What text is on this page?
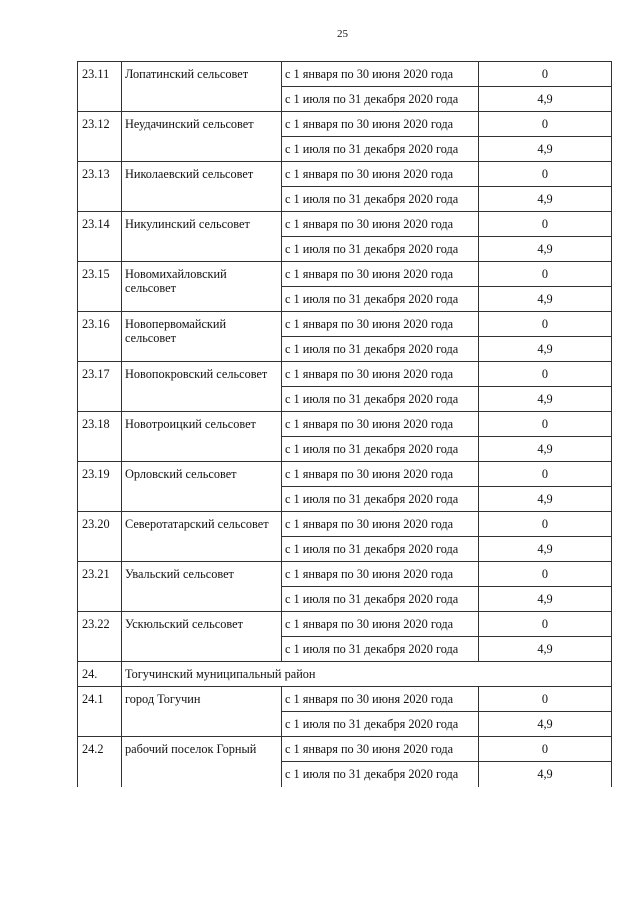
25
23.11	Лопатинский сельсовет	с 1 января по 30 июня 2020 года	0
		с 1 июля по 31 декабря 2020 года	4,9
23.12	Неудачинский сельсовет	с 1 января по 30 июня 2020 года	0
		с 1 июля по 31 декабря 2020 года	4,9
23.13	Николаевский сельсовет	с 1 января по 30 июня 2020 года	0
		с 1 июля по 31 декабря 2020 года	4,9
23.14	Никулинский сельсовет	с 1 января по 30 июня 2020 года	0
		с 1 июля по 31 декабря 2020 года	4,9
23.15	Новомихайловский сельсовет	с 1 января по 30 июня 2020 года	0
		с 1 июля по 31 декабря 2020 года	4,9
23.16	Новопервомайский сельсовет	с 1 января по 30 июня 2020 года	0
		с 1 июля по 31 декабря 2020 года	4,9
23.17	Новопокровский сельсовет	с 1 января по 30 июня 2020 года	0
		с 1 июля по 31 декабря 2020 года	4,9
23.18	Новотроицкий сельсовет	с 1 января по 30 июня 2020 года	0
		с 1 июля по 31 декабря 2020 года	4,9
23.19	Орловский сельсовет	с 1 января по 30 июня 2020 года	0
		с 1 июля по 31 декабря 2020 года	4,9
23.20	Северотатарский сельсовет	с 1 января по 30 июня 2020 года	0
		с 1 июля по 31 декабря 2020 года	4,9
23.21	Увальский сельсовет	с 1 января по 30 июня 2020 года	0
		с 1 июля по 31 декабря 2020 года	4,9
23.22	Ускюльский сельсовет	с 1 января по 30 июня 2020 года	0
		с 1 июля по 31 декабря 2020 года	4,9
24.	Тогучинский муниципальный район		
24.1	город Тогучин	с 1 января по 30 июня 2020 года	0
		с 1 июля по 31 декабря 2020 года	4,9
24.2	рабочий поселок Горный	с 1 января по 30 июня 2020 года	0
		с 1 июля по 31 декабря 2020 года	4,9
